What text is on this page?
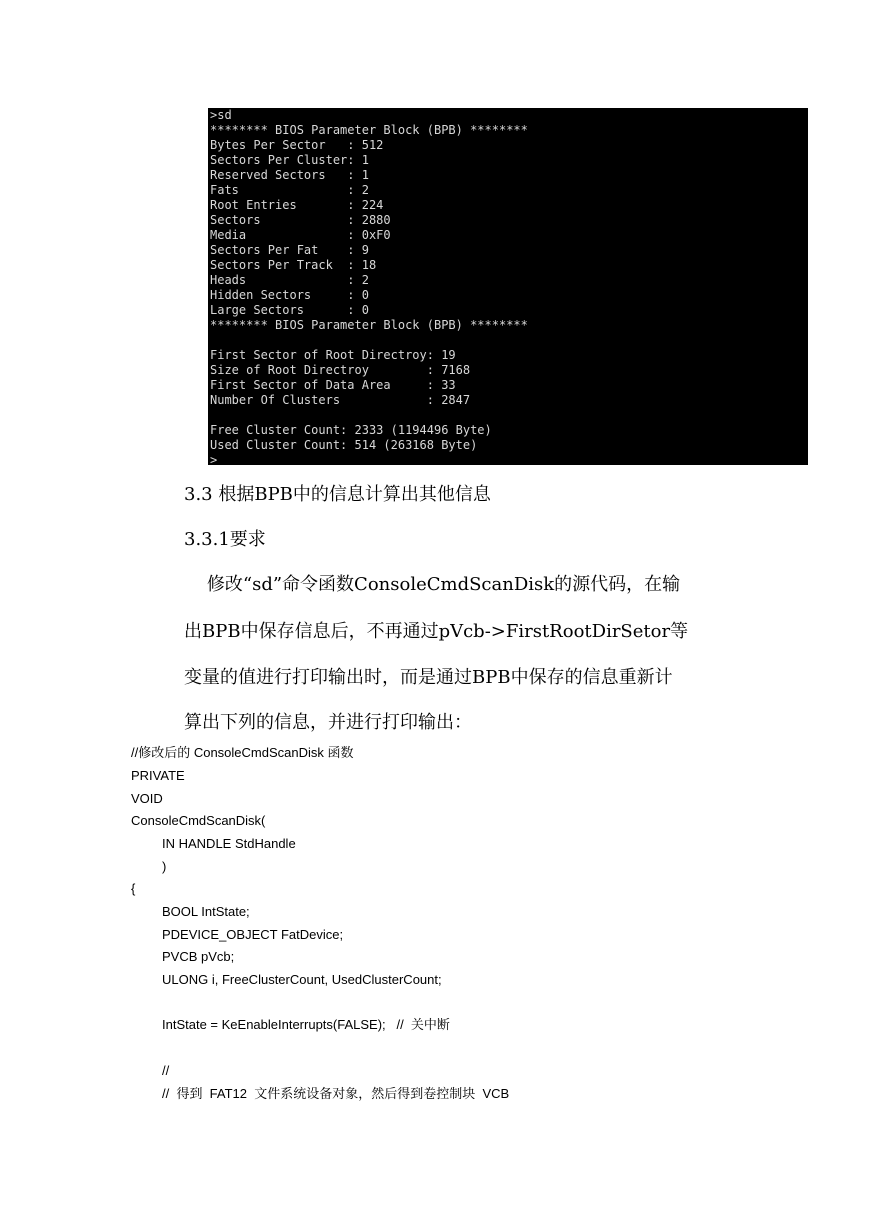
>sd
******** BIOS Parameter Block (BPB) ********
Bytes Per Sector   : 512
Sectors Per Cluster: 1
Reserved Sectors   : 1
Fats               : 2
Root Entries       : 224
Sectors            : 2880
Media              : 0xF0
Sectors Per Fat    : 9
Sectors Per Track  : 18
Heads              : 2
Hidden Sectors     : 0
Large Sectors      : 0
******** BIOS Parameter Block (BPB) ********
First Sector of Root Directroy: 19
Size of Root Directroy        : 7168
First Sector of Data Area     : 33
Number Of Clusters            : 2847
Free Cluster Count: 2333 (1194496 Byte)
Used Cluster Count: 514 (263168 Byte)
>
3.3 根据BPB中的信息计算出其他信息
3.3.1要求
修改“sd”命令函数ConsoleCmdScanDisk的源代码，在输
出BPB中保存信息后，不再通过pVcb->FirstRootDirSetor等
变量的值进行打印输出时，而是通过BPB中保存的信息重新计
算出下列的信息，并进行打印输出：
//修改后的 ConsoleCmdScanDisk 函数
PRIVATE
VOID
ConsoleCmdScanDisk(
IN HANDLE StdHandle
)
{
BOOL IntState;
PDEVICE_OBJECT FatDevice;
PVCB pVcb;
ULONG i, FreeClusterCount, UsedClusterCount;
IntState = KeEnableInterrupts(FALSE);   //  关中断
//
//  得到  FAT12  文件系统设备对象，然后得到卷控制块  VCB
